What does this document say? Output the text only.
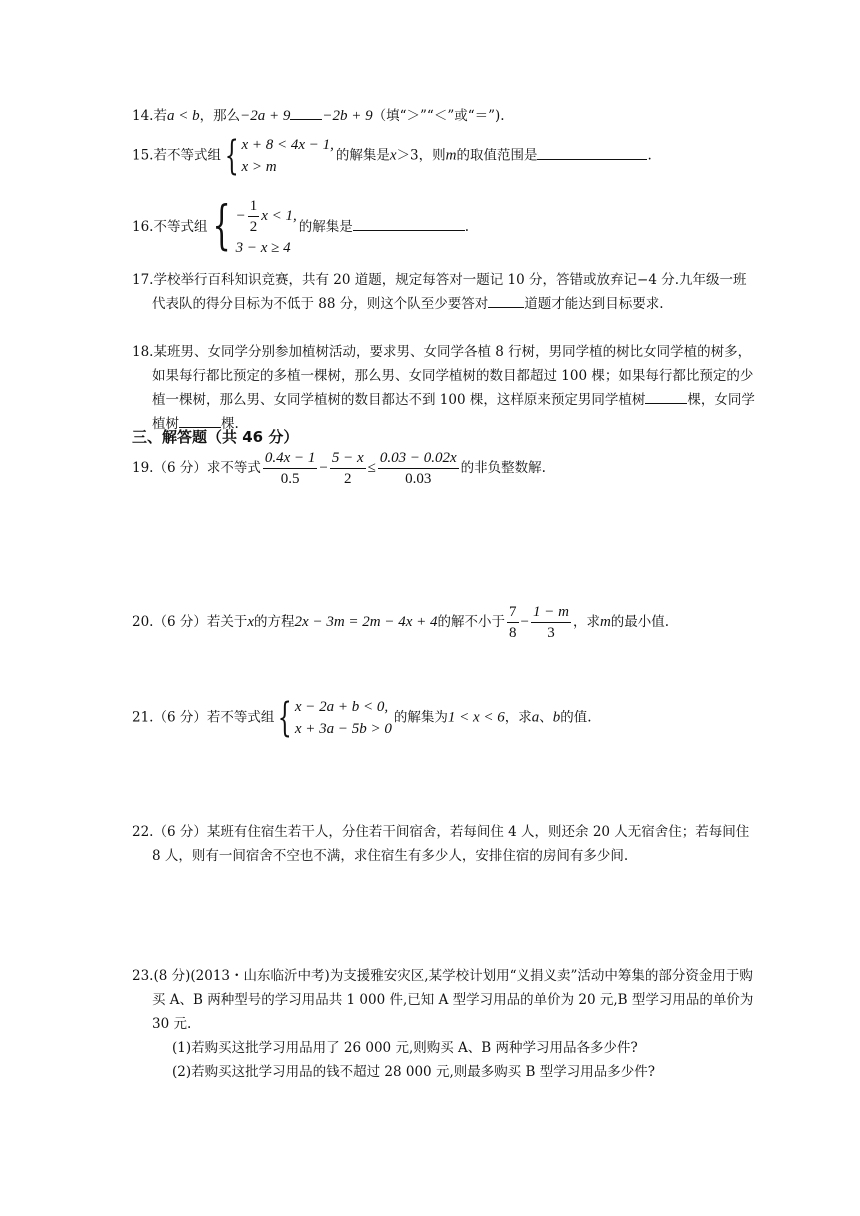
14.若a < b，那么−2a + 9 −2b + 9（填“＞”“＜”或“＝”).
15.若不等式组 { x + 8 < 4x − 1,
x > m
的解集是x＞3，则m的取值范围是	.
16.不等式组 { − $\frac{1}{2}$ x < 1,
3 − x ≥ 4
的解集是	.
17.学校举行百科知识竞赛，共有 20 道题，规定每答对一题记 10 分，答错或放弃记−4 分.九年级一班代表队的得分目标为不低于 88 分，则这个队至少要答对	道题才能达到目标要求.
18.某班男、女同学分别参加植树活动，要求男、女同学各植 8 行树，男同学植的树比女同学植的树多，如果每行都比预定的多植一棵树，那么男、女同学植树的数目都超过 100 棵；如果每行都比预定的少植一棵树，那么男、女同学植树的数目都达不到 100 棵，这样原来预定男同学植树	棵，女同学植树	棵.
三、解答题（共 46 分）
19.（6 分）求不等式 $\frac{0.4x - 1}{0.5} - \frac{5 - x}{2} \le \frac{0.03 - 0.02x}{0.03}$ 的非负整数解.
20.（6 分）若关于x的方程2x − 3m = 2m − 4x + 4的解不小于 $\frac{7}{8} - \frac{1 - m}{3}$ ，求m的最小值.
21.（6 分）若不等式组 { x − 2a + b < 0,
x + 3a − 5b > 0
的解集为1 < x < 6，求a、b的值.
22.（6 分）某班有住宿生若干人，分住若干间宿舍，若每间住 4 人，则还余 20 人无宿舍住；若每间住 8 人，则有一间宿舍不空也不满，求住宿生有多少人，安排住宿的房间有多少间.
23.(8 分)(2013・山东临沂中考)为支援雅安灾区,某学校计划用“义捐义卖”活动中筹集的部分资金用于购买 A、B 两种型号的学习用品共 1 000 件,已知 A 型学习用品的单价为 20 元,B 型学习用品的单价为 30 元.
(1)若购买这批学习用品用了 26 000 元,则购买 A、B 两种学习用品各多少件?
(2)若购买这批学习用品的钱不超过 28 000 元,则最多购买 B 型学习用品多少件?
